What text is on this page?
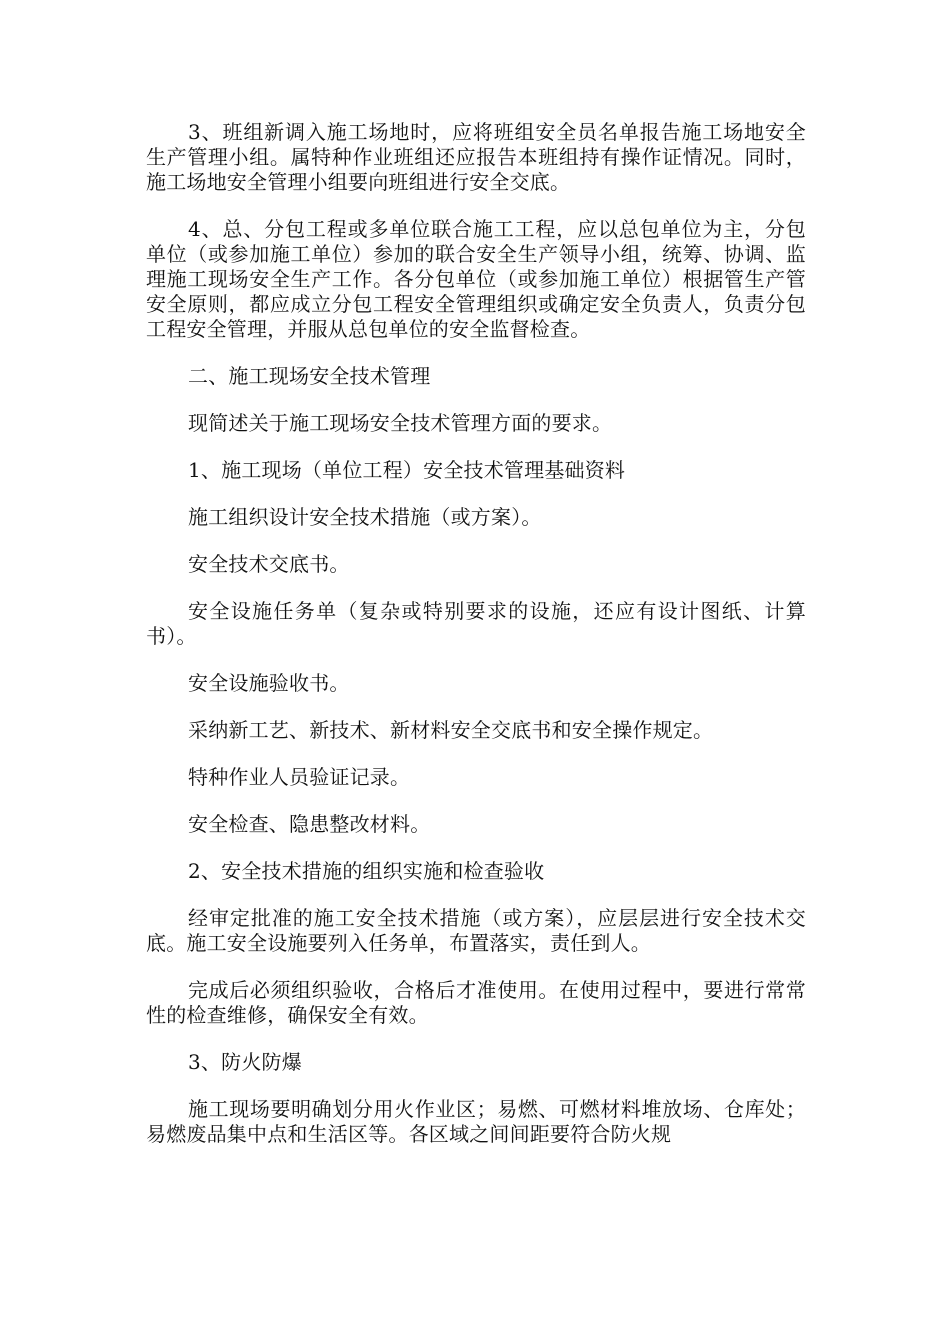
3、班组新调入施工场地时，应将班组安全员名单报告施工场地安全生产管理小组。属特种作业班组还应报告本班组持有操作证情况。同时，施工场地安全管理小组要向班组进行安全交底。

4、总、分包工程或多单位联合施工工程，应以总包单位为主，分包单位（或参加施工单位）参加的联合安全生产领导小组，统筹、协调、监理施工现场安全生产工作。各分包单位（或参加施工单位）根据管生产管安全原则，都应成立分包工程安全管理组织或确定安全负责人，负责分包工程安全管理，并服从总包单位的安全监督检查。

二、施工现场安全技术管理

现简述关于施工现场安全技术管理方面的要求。

1、施工现场（单位工程）安全技术管理基础资料

施工组织设计安全技术措施（或方案）。

安全技术交底书。

安全设施任务单（复杂或特别要求的设施，还应有设计图纸、计算书）。

安全设施验收书。

采纳新工艺、新技术、新材料安全交底书和安全操作规定。

特种作业人员验证记录。

安全检查、隐患整改材料。

2、安全技术措施的组织实施和检查验收

经审定批准的施工安全技术措施（或方案），应层层进行安全技术交底。施工安全设施要列入任务单，布置落实，责任到人。

完成后必须组织验收，合格后才准使用。在使用过程中，要进行常常性的检查维修，确保安全有效。

3、防火防爆

施工现场要明确划分用火作业区；易燃、可燃材料堆放场、仓库处；易燃废品集中点和生活区等。各区域之间间距要符合防火规
